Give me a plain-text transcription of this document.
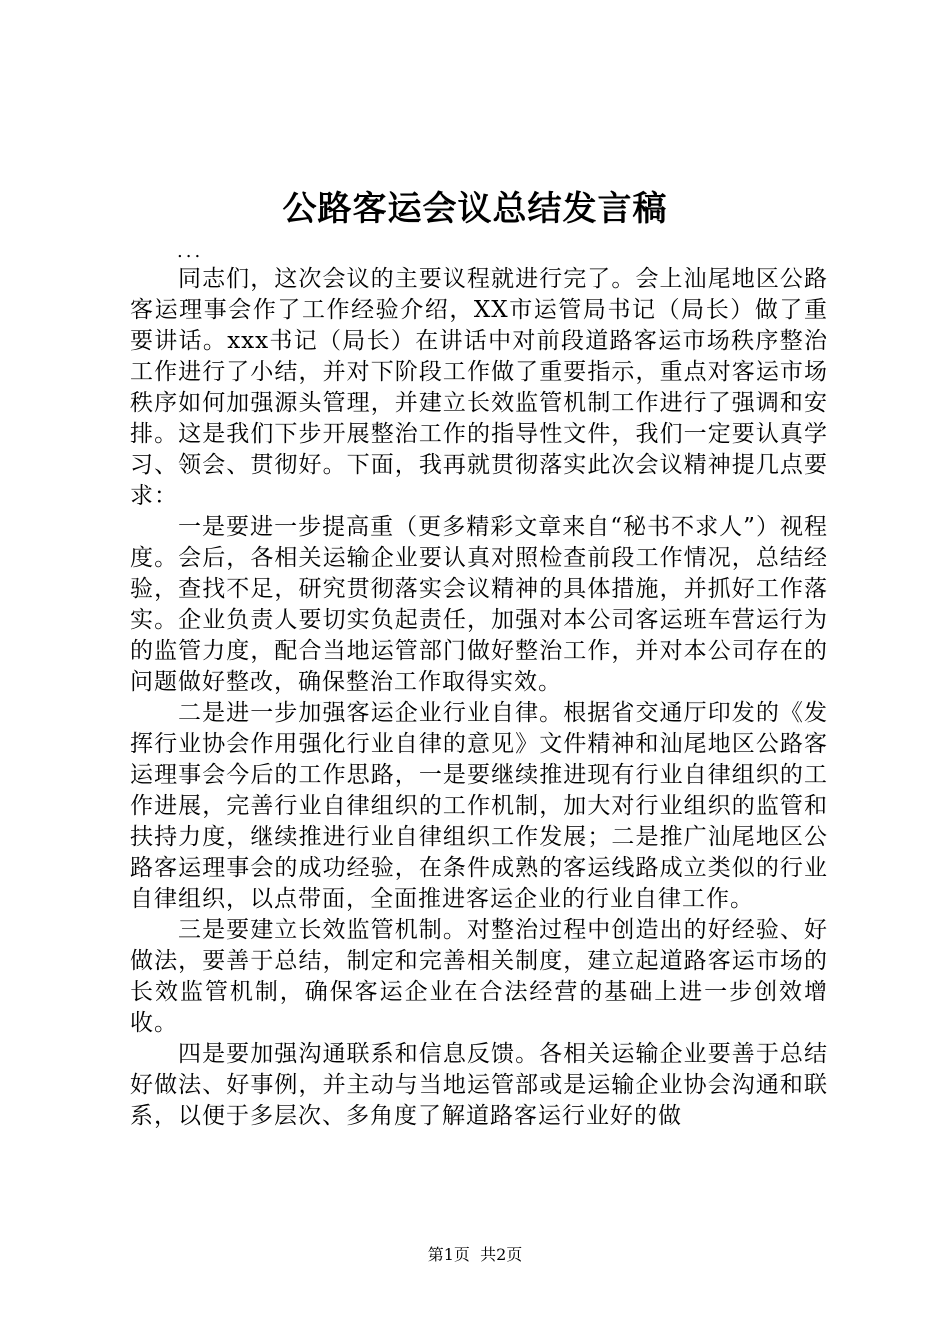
公路客运会议总结发言稿
...

同志们，这次会议的主要议程就进行完了。会上汕尾地区公路客运理事会作了工作经验介绍，XX市运管局书记（局长）做了重要讲话。xxx书记（局长）在讲话中对前段道路客运市场秩序整治工作进行了小结，并对下阶段工作做了重要指示，重点对客运市场秩序如何加强源头管理，并建立长效监管机制工作进行了强调和安排。这是我们下步开展整治工作的指导性文件，我们一定要认真学习、领会、贯彻好。下面，我再就贯彻落实此次会议精神提几点要求：

一是要进一步提高重（更多精彩文章来自“秘书不求人”）视程度。会后，各相关运输企业要认真对照检查前段工作情况，总结经验，查找不足，研究贯彻落实会议精神的具体措施，并抓好工作落实。企业负责人要切实负起责任，加强对本公司客运班车营运行为的监管力度，配合当地运管部门做好整治工作，并对本公司存在的问题做好整改，确保整治工作取得实效。

二是进一步加强客运企业行业自律。根据省交通厅印发的《发挥行业协会作用强化行业自律的意见》文件精神和汕尾地区公路客运理事会今后的工作思路，一是要继续推进现有行业自律组织的工作进展，完善行业自律组织的工作机制，加大对行业组织的监管和扶持力度，继续推进行业自律组织工作发展；二是推广汕尾地区公路客运理事会的成功经验，在条件成熟的客运线路成立类似的行业自律组织，以点带面，全面推进客运企业的行业自律工作。

三是要建立长效监管机制。对整治过程中创造出的好经验、好做法，要善于总结，制定和完善相关制度，建立起道路客运市场的长效监管机制，确保客运企业在合法经营的基础上进一步创效增收。

四是要加强沟通联系和信息反馈。各相关运输企业要善于总结好做法、好事例，并主动与当地运管部或是运输企业协会沟通和联系，以便于多层次、多角度了解道路客运行业好的做

第1页  共2页
